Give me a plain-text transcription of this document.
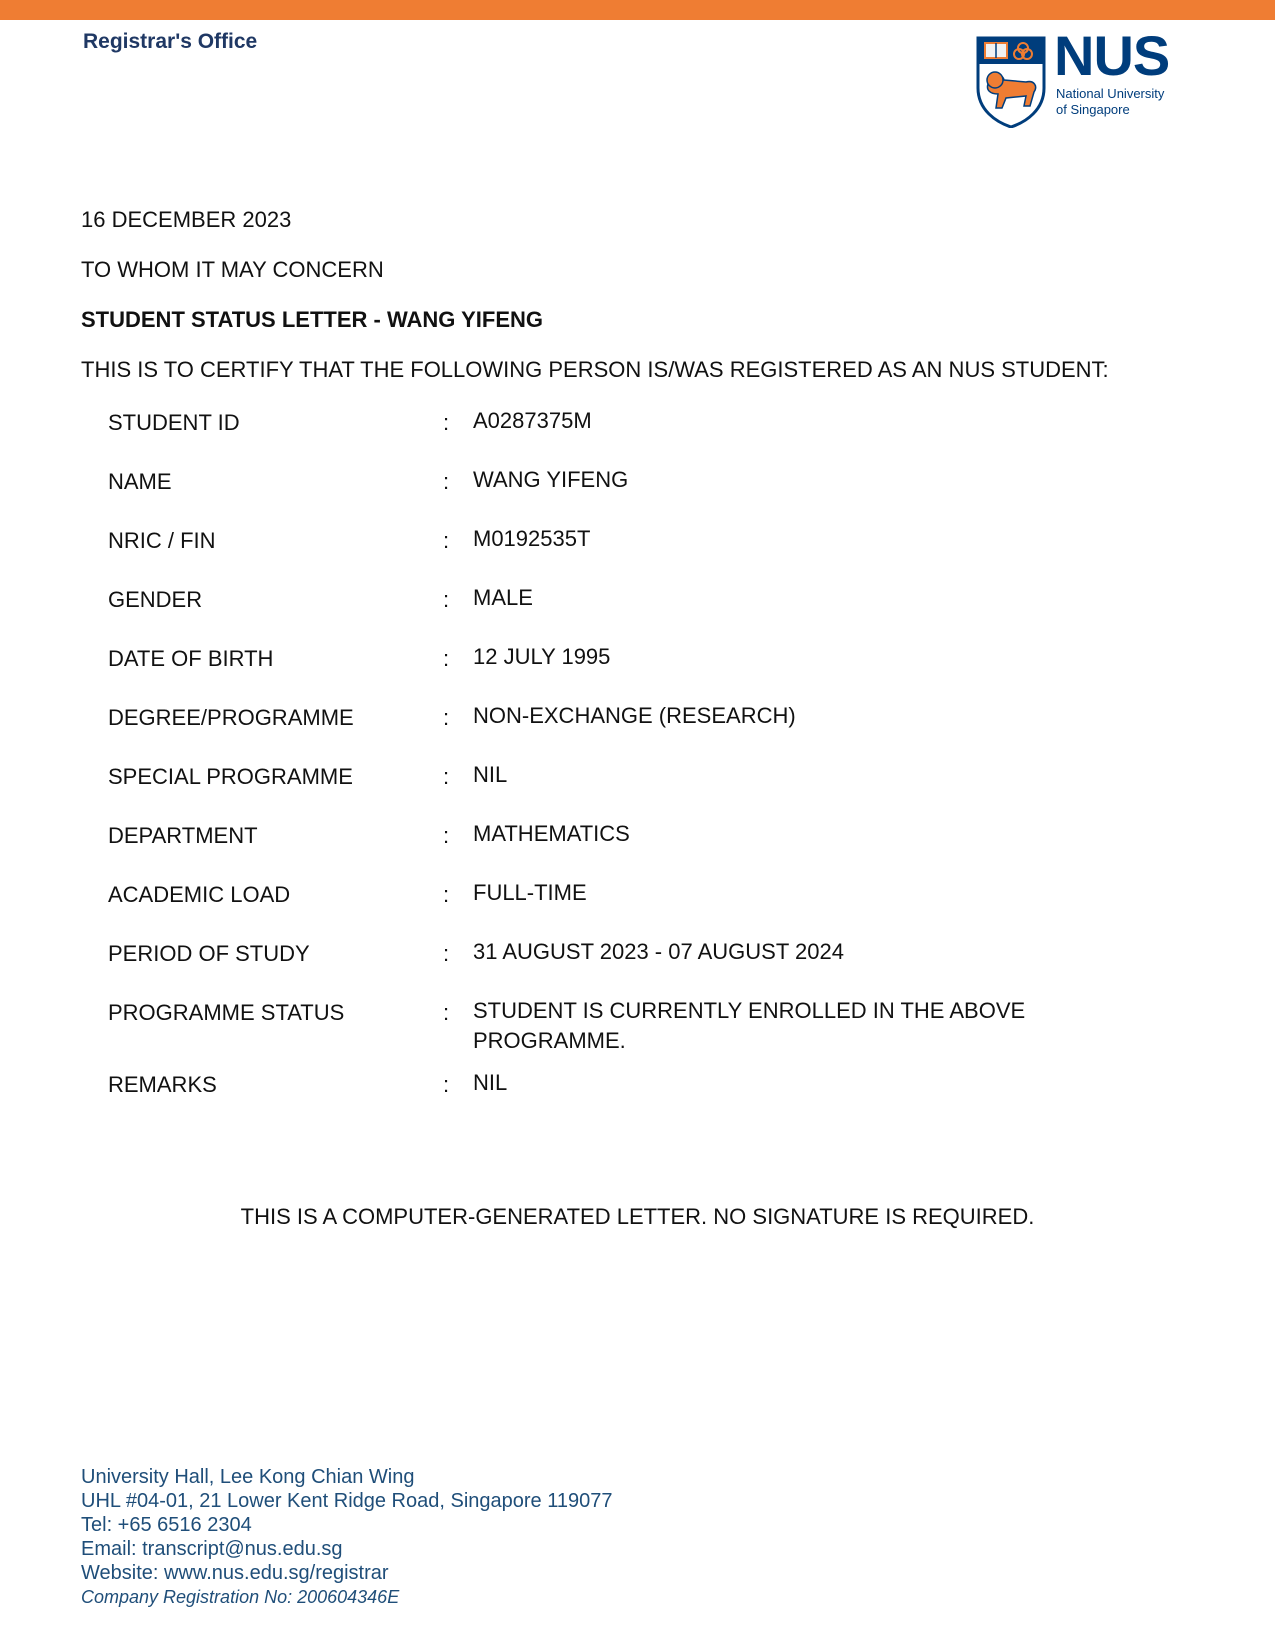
Registrar's Office	NUS
National University
of Singapore
16 DECEMBER 2023
TO WHOM IT MAY CONCERN
STUDENT STATUS LETTER - WANG YIFENG
THIS IS TO CERTIFY THAT THE FOLLOWING PERSON IS/WAS REGISTERED AS AN NUS STUDENT:
STUDENT ID	: A0287375M
NAME	: WANG YIFENG
NRIC / FIN	: M0192535T
GENDER	: MALE
DATE OF BIRTH	: 12 JULY 1995
DEGREE/PROGRAMME	: NON-EXCHANGE (RESEARCH)
SPECIAL PROGRAMME	: NIL
DEPARTMENT	: MATHEMATICS
ACADEMIC LOAD	: FULL-TIME
PERIOD OF STUDY	: 31 AUGUST 2023 - 07 AUGUST 2024
PROGRAMME STATUS	: STUDENT IS CURRENTLY ENROLLED IN THE ABOVE PROGRAMME.
REMARKS	: NIL
THIS IS A COMPUTER-GENERATED LETTER. NO SIGNATURE IS REQUIRED.
University Hall, Lee Kong Chian Wing
UHL #04-01, 21 Lower Kent Ridge Road, Singapore 119077
Tel: +65 6516 2304
Email: transcript@nus.edu.sg
Website: www.nus.edu.sg/registrar
Company Registration No: 200604346E
